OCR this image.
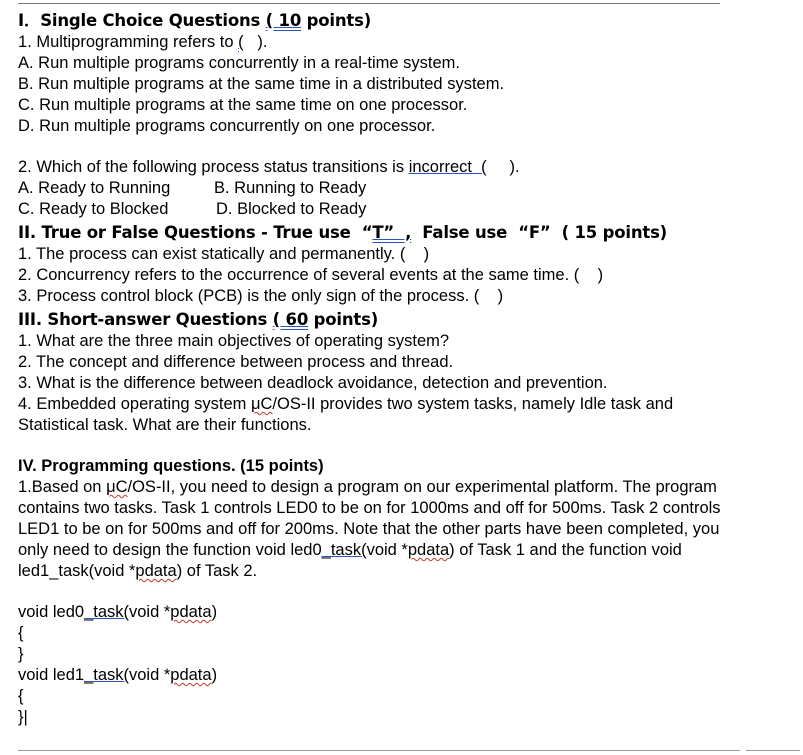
I．Single Choice Questions ( 10 points)
1. Multiprogramming refers to (   ).
A. Run multiple programs concurrently in a real-time system.
B. Run multiple programs at the same time in a distributed system.
C. Run multiple programs at the same time on one processor.
D. Run multiple programs concurrently on one processor.
2. Which of the following process status transitions is incorrect  (     ).
A. Ready to Running	B. Running to Ready
C. Ready to Blocked	D. Blocked to Ready
II. True or False Questions - True use  “T”  ,  False use  “F”  ( 15 points)
1. The process can exist statically and permanently. (    )
2. Concurrency refers to the occurrence of several events at the same time. (    )
3. Process control block (PCB) is the only sign of the process. (    )
III. Short-answer Questions ( 60 points)
1. What are the three main objectives of operating system?
2. The concept and difference between process and thread.
3. What is the difference between deadlock avoidance, detection and prevention.
4. Embedded operating system μC/OS-II provides two system tasks, namely Idle task and Statistical task. What are their functions.
IV. Programming questions. (15 points)
1.Based on μC/OS-II, you need to design a program on our experimental platform. The program contains two tasks. Task 1 controls LED0 to be on for 1000ms and off for 500ms. Task 2 controls LED1 to be on for 500ms and off for 200ms. Note that the other parts have been completed, you only need to design the function void led0_task(void *pdata) of Task 1 and the function void led1_task(void *pdata) of Task 2.
void led0_task(void *pdata)
{
}
void led1_task(void *pdata)
{
}|
